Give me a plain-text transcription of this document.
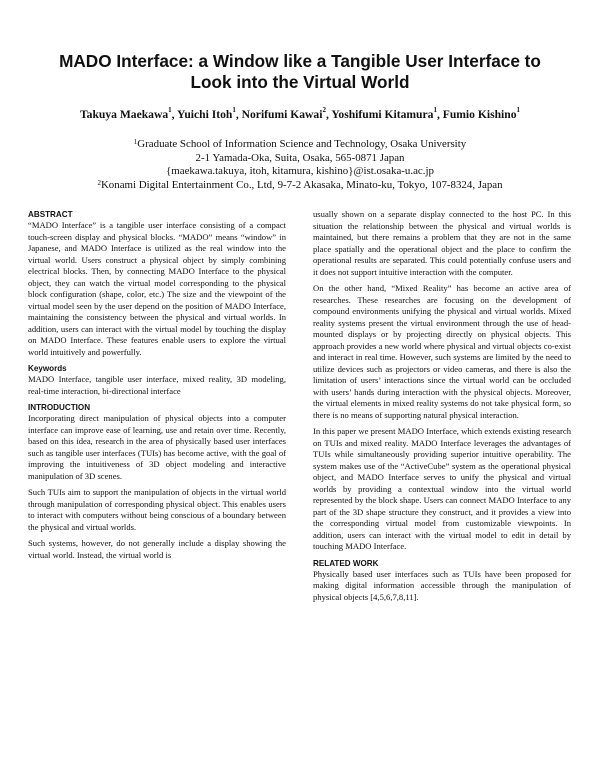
MADO Interface: a Window like a Tangible User Interface to Look into the Virtual World
Takuya Maekawa$^1$, Yuichi Itoh$^1$, Norifumi Kawai$^2$, Yoshifumi Kitamura$^1$, Fumio Kishino$^1$
$^1$Graduate School of Information Science and Technology, Osaka University
2-1 Yamada-Oka, Suita, Osaka, 565-0871 Japan
{maekawa.takuya, itoh, kitamura, kishino}@ist.osaka-u.ac.jp
$^2$Konami Digital Entertainment Co., Ltd, 9-7-2 Akasaka, Minato-ku, Tokyo, 107-8324, Japan
ABSTRACT

“MADO Interface” is a tangible user interface consisting of a compact touch-screen display and physical blocks. “MADO” means “window” in Japanese, and MADO Interface is utilized as the real window into the virtual world. Users construct a physical object by simply combining electrical blocks. Then, by connecting MADO Interface to the physical object, they can watch the virtual model corresponding to the physical block configuration (shape, color, etc.) The size and the viewpoint of the virtual model seen by the user depend on the position of MADO Interface, maintaining the consistency between the physical and virtual worlds. In addition, users can interact with the virtual model by touching the display on MADO Interface. These features enable users to explore the virtual world intuitively and powerfully.

Keywords

MADO Interface, tangible user interface, mixed reality, 3D modeling, real-time interaction, bi-directional interface

INTRODUCTION

Incorporating direct manipulation of physical objects into a computer interface can improve ease of learning, use and retain over time. Recently, based on this idea, research in the area of physically based user interfaces such as tangible user interfaces (TUIs) has become active, with the goal of improving the intuitiveness of 3D object modeling and interactive manipulation of 3D scenes.

Such TUIs aim to support the manipulation of objects in the virtual world through manipulation of corresponding physical object. This enables users to interact with computers without being conscious of a boundary between the physical and virtual worlds.

Such systems, however, do not generally include a display showing the virtual world. Instead, the virtual world is

usually shown on a separate display connected to the host PC. In this situation the relationship between the physical and virtual worlds is maintained, but there remains a problem that they are not in the same place spatially and the operational object and the place to confirm the operational results are separated. This could potentially confuse users and it does not support intuitive interaction with the computer.

On the other hand, “Mixed Reality” has become an active area of researches. These researches are focusing on the development of compound environments unifying the physical and virtual worlds. Mixed reality systems present the virtual environment through the use of head-mounted displays or by projecting directly on physical objects. This approach provides a new world where physical and virtual objects co-exist and interact in real time. However, such systems are limited by the need to utilize devices such as projectors or video cameras, and there is also the limitation of users’ interactions since the virtual world can be occluded with users’ hands during interaction with the physical objects. Moreover, the virtual elements in mixed reality systems do not take physical form, so there is no means of supporting natural physical interaction.

In this paper we present MADO Interface, which extends existing research on TUIs and mixed reality. MADO Interface leverages the advantages of TUIs while simultaneously providing superior intuitive operability. The system makes use of the “ActiveCube” system as the operational physical object, and MADO Interface serves to unify the physical and virtual worlds by providing a contextual window into the virtual world represented by the block shape. Users can connect MADO Interface to any part of the 3D shape structure they construct, and it provides a view into the corresponding virtual model from customizable viewpoints. In addition, users can interact with the virtual model to edit in detail by touching MADO Interface.

RELATED WORK

Physically based user interfaces such as TUIs have been proposed for making digital information accessible through the manipulation of physical objects [4,5,6,7,8,11].
